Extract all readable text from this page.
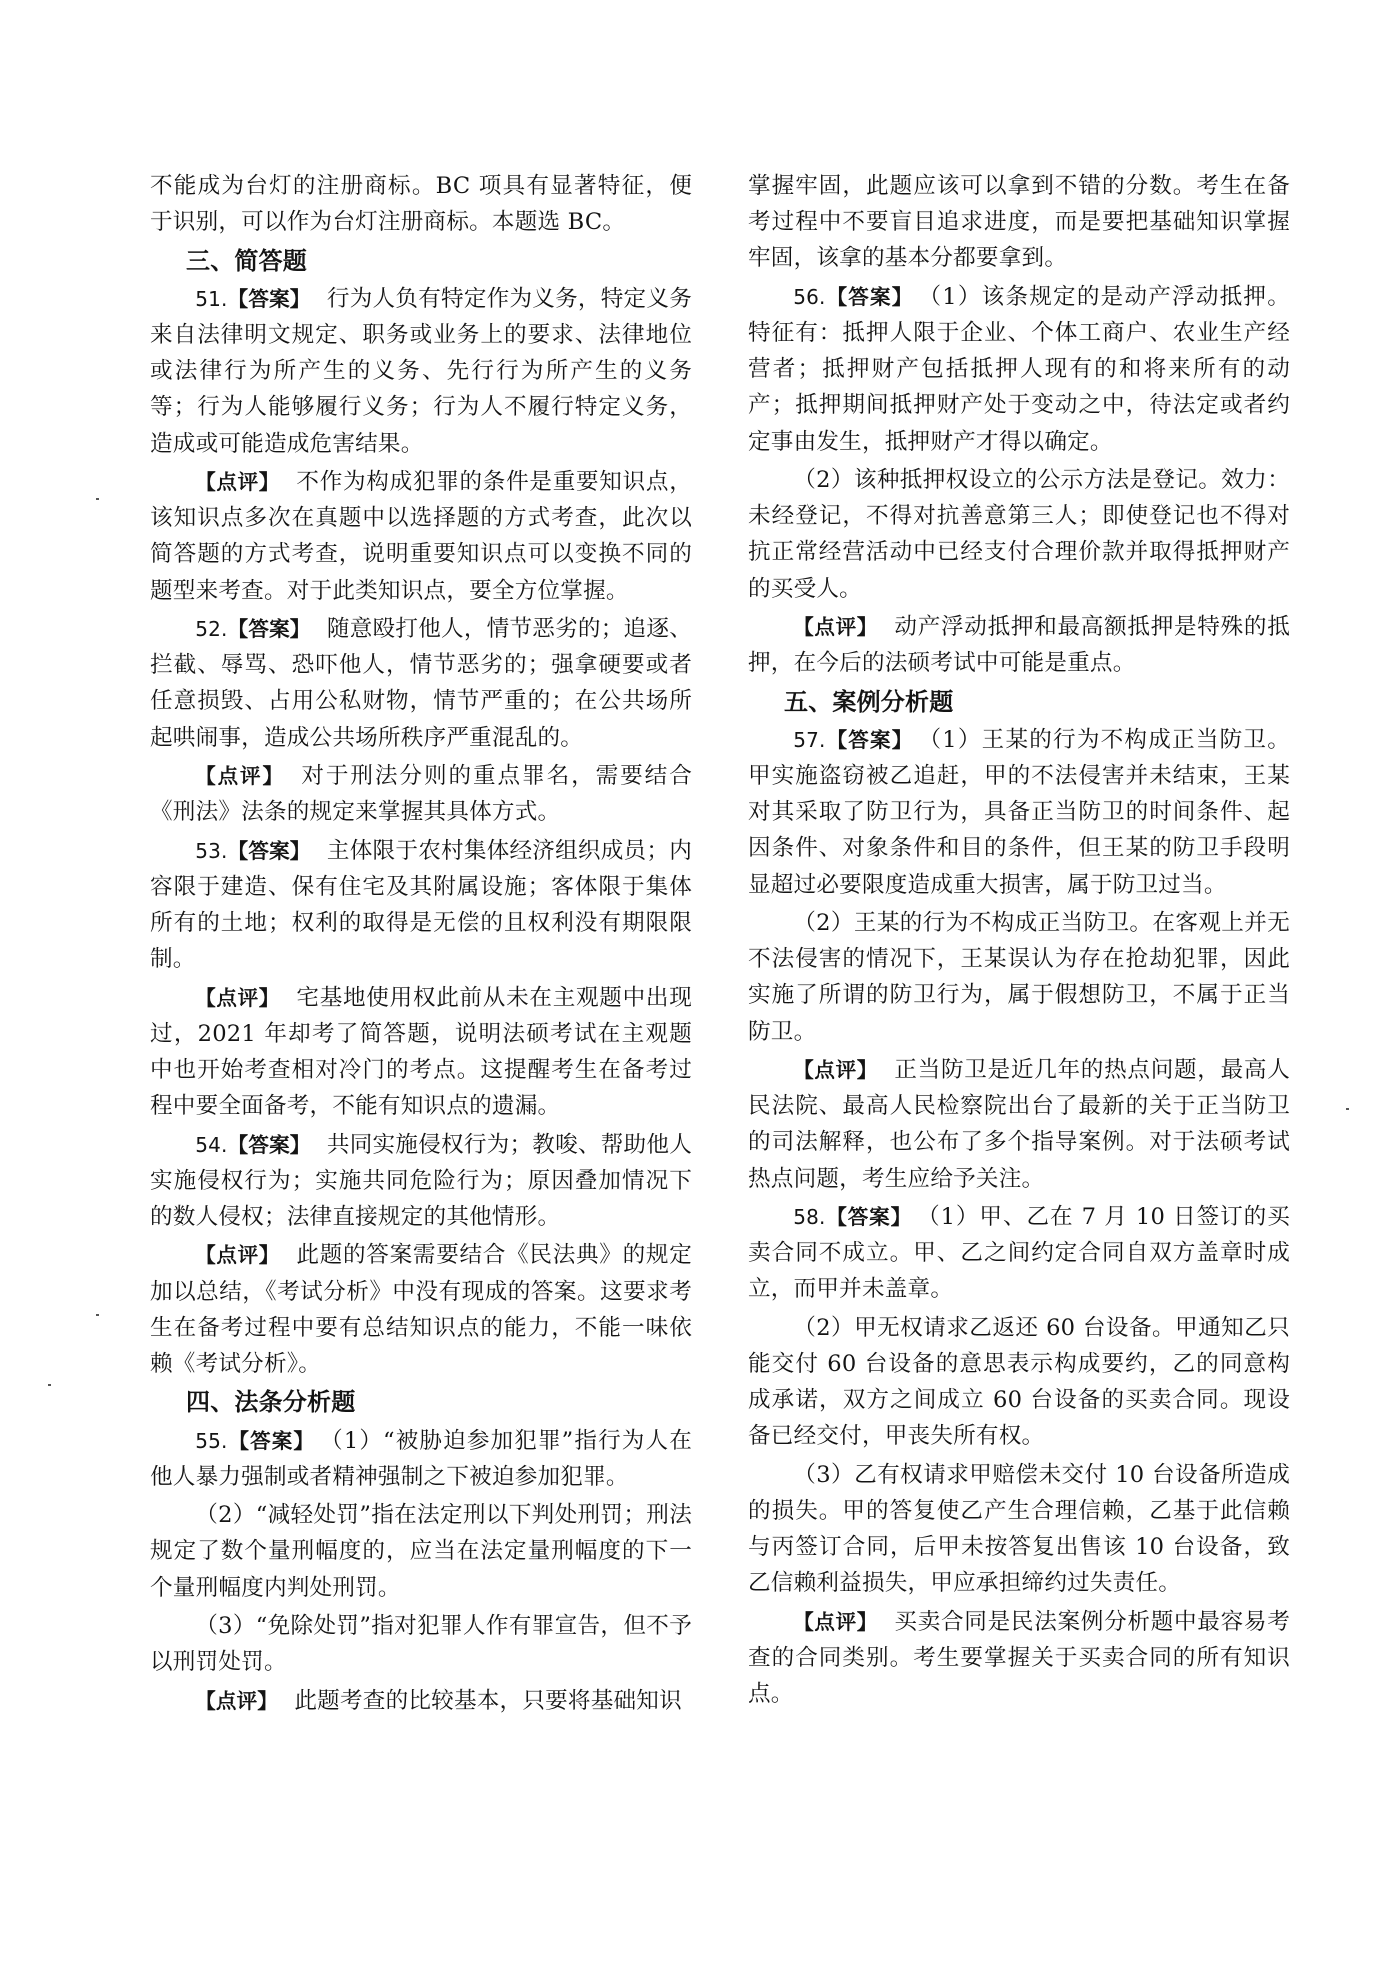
不能成为台灯的注册商标。BC 项具有显著特征，便于识别，可以作为台灯注册商标。本题选 BC。

三、简答题

51.【答案】 行为人负有特定作为义务，特定义务来自法律明文规定、职务或业务上的要求、法律地位或法律行为所产生的义务、先行行为所产生的义务等；行为人能够履行义务；行为人不履行特定义务，造成或可能造成危害结果。

【点评】 不作为构成犯罪的条件是重要知识点，该知识点多次在真题中以选择题的方式考查，此次以简答题的方式考查，说明重要知识点可以变换不同的题型来考查。对于此类知识点，要全方位掌握。

52.【答案】 随意殴打他人，情节恶劣的；追逐、拦截、辱骂、恐吓他人，情节恶劣的；强拿硬要或者任意损毁、占用公私财物，情节严重的；在公共场所起哄闹事，造成公共场所秩序严重混乱的。

【点评】 对于刑法分则的重点罪名，需要结合《刑法》法条的规定来掌握其具体方式。

53.【答案】 主体限于农村集体经济组织成员；内容限于建造、保有住宅及其附属设施；客体限于集体所有的土地；权利的取得是无偿的且权利没有期限限制。

【点评】 宅基地使用权此前从未在主观题中出现过，2021 年却考了简答题，说明法硕考试在主观题中也开始考查相对冷门的考点。这提醒考生在备考过程中要全面备考，不能有知识点的遗漏。

54.【答案】 共同实施侵权行为；教唆、帮助他人实施侵权行为；实施共同危险行为；原因叠加情况下的数人侵权；法律直接规定的其他情形。

【点评】 此题的答案需要结合《民法典》的规定加以总结，《考试分析》中没有现成的答案。这要求考生在备考过程中要有总结知识点的能力，不能一味依赖《考试分析》。

四、法条分析题

55.【答案】 （1）“被胁迫参加犯罪”指行为人在他人暴力强制或者精神强制之下被迫参加犯罪。

（2）“减轻处罚”指在法定刑以下判处刑罚；刑法规定了数个量刑幅度的，应当在法定量刑幅度的下一个量刑幅度内判处刑罚。

（3）“免除处罚”指对犯罪人作有罪宣告，但不予以刑罚处罚。

【点评】 此题考查的比较基本，只要将基础知识

掌握牢固，此题应该可以拿到不错的分数。考生在备考过程中不要盲目追求进度，而是要把基础知识掌握牢固，该拿的基本分都要拿到。

56.【答案】 （1）该条规定的是动产浮动抵押。特征有：抵押人限于企业、个体工商户、农业生产经营者；抵押财产包括抵押人现有的和将来所有的动产；抵押期间抵押财产处于变动之中，待法定或者约定事由发生，抵押财产才得以确定。

（2）该种抵押权设立的公示方法是登记。效力：未经登记，不得对抗善意第三人；即使登记也不得对抗正常经营活动中已经支付合理价款并取得抵押财产的买受人。

【点评】 动产浮动抵押和最高额抵押是特殊的抵押，在今后的法硕考试中可能是重点。

五、案例分析题

57.【答案】 （1）王某的行为不构成正当防卫。甲实施盗窃被乙追赶，甲的不法侵害并未结束，王某对其采取了防卫行为，具备正当防卫的时间条件、起因条件、对象条件和目的条件，但王某的防卫手段明显超过必要限度造成重大损害，属于防卫过当。

（2）王某的行为不构成正当防卫。在客观上并无不法侵害的情况下，王某误认为存在抢劫犯罪，因此实施了所谓的防卫行为，属于假想防卫，不属于正当防卫。

【点评】 正当防卫是近几年的热点问题，最高人民法院、最高人民检察院出台了最新的关于正当防卫的司法解释，也公布了多个指导案例。对于法硕考试热点问题，考生应给予关注。

58.【答案】 （1）甲、乙在 7 月 10 日签订的买卖合同不成立。甲、乙之间约定合同自双方盖章时成立，而甲并未盖章。

（2）甲无权请求乙返还 60 台设备。甲通知乙只能交付 60 台设备的意思表示构成要约，乙的同意构成承诺，双方之间成立 60 台设备的买卖合同。现设备已经交付，甲丧失所有权。

（3）乙有权请求甲赔偿未交付 10 台设备所造成的损失。甲的答复使乙产生合理信赖，乙基于此信赖与丙签订合同，后甲未按答复出售该 10 台设备，致乙信赖利益损失，甲应承担缔约过失责任。

【点评】 买卖合同是民法案例分析题中最容易考查的合同类别。考生要掌握关于买卖合同的所有知识点。
